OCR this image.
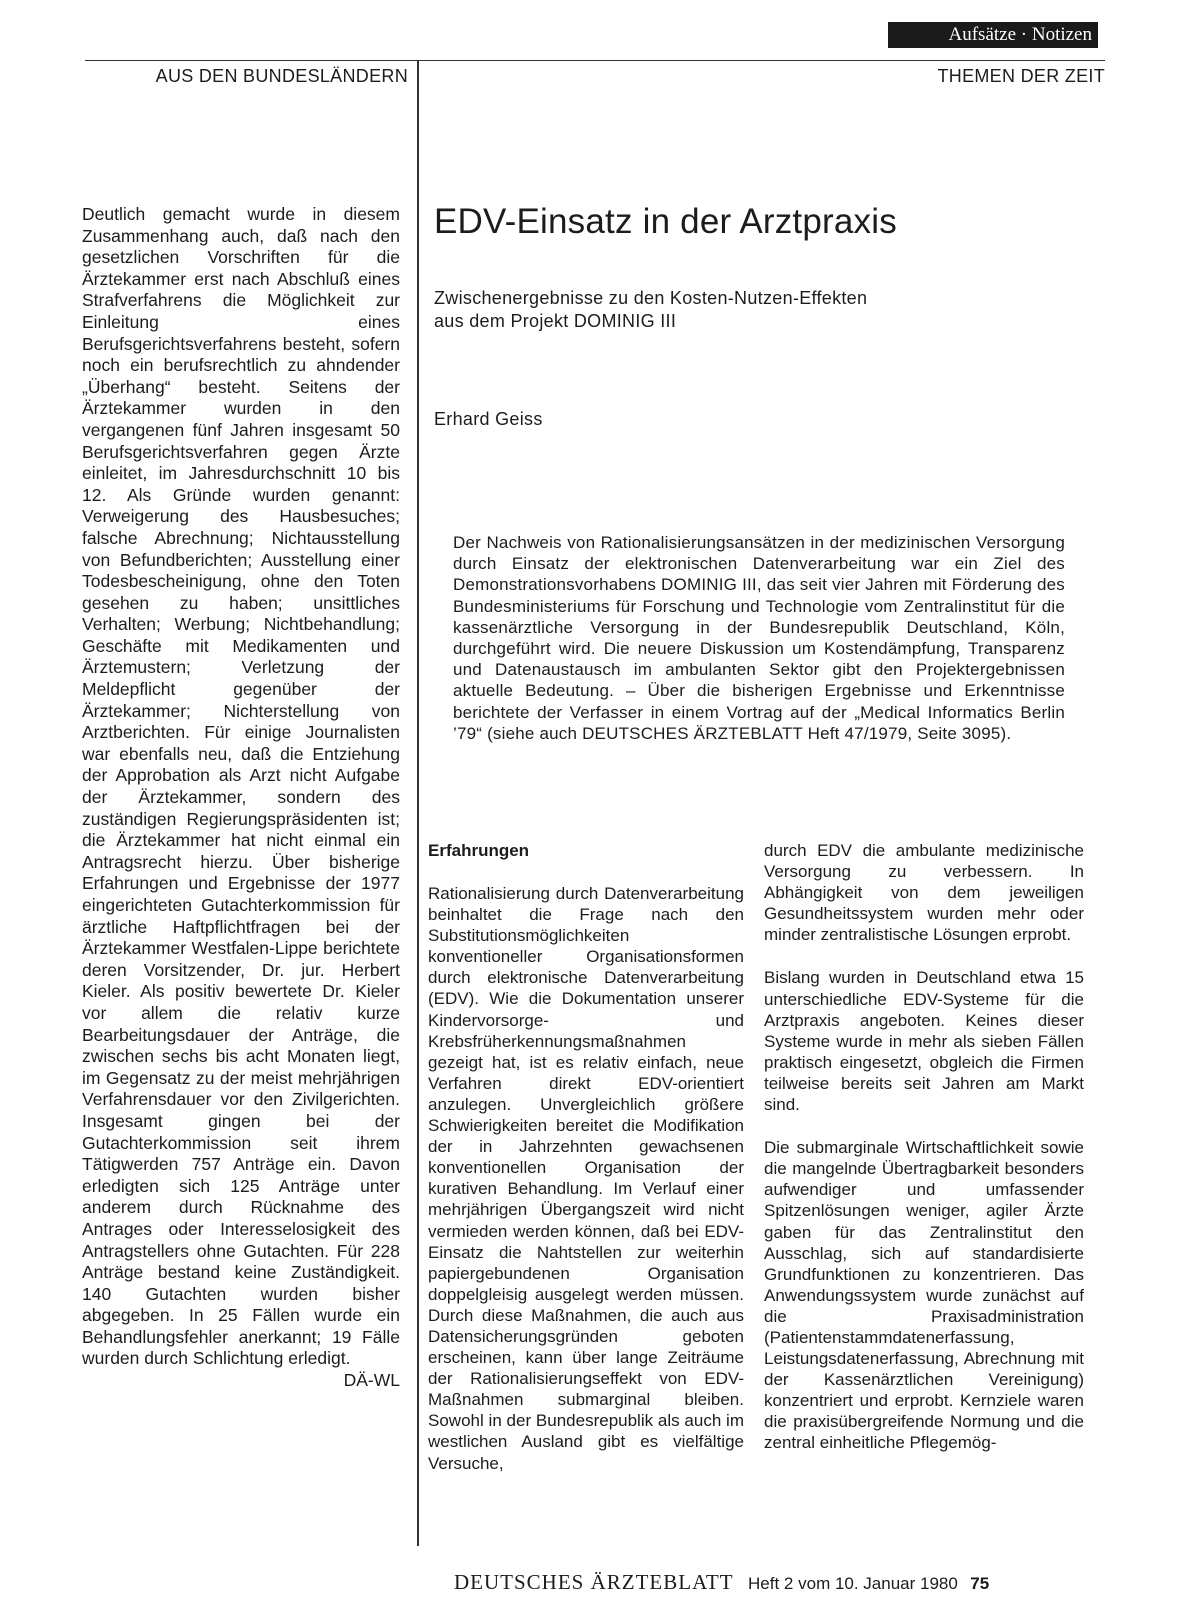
Aufsätze · Notizen
AUS DEN BUNDESLÄNDERN	THEMEN DER ZEIT

Deutlich gemacht wurde in diesem Zusammenhang auch, daß nach den gesetzlichen Vorschriften für die Ärztekammer erst nach Abschluß eines Strafverfahrens die Möglichkeit zur Einleitung eines Berufsgerichtsverfahrens besteht, sofern noch ein berufsrechtlich zu ahndender „Überhang“ besteht. Seitens der Ärztekammer wurden in den vergangenen fünf Jahren insgesamt 50 Berufsgerichtsverfahren gegen Ärzte einleitet, im Jahresdurchschnitt 10 bis 12. Als Gründe wurden genannt: Verweigerung des Hausbesuches; falsche Abrechnung; Nichtausstellung von Befundberichten; Ausstellung einer Todesbescheinigung, ohne den Toten gesehen zu haben; unsittliches Verhalten; Werbung; Nichtbehandlung; Geschäfte mit Medikamenten und Ärztemustern; Verletzung der Meldepflicht gegenüber der Ärztekammer; Nichterstellung von Arztberichten. Für einige Journalisten war ebenfalls neu, daß die Entziehung der Approbation als Arzt nicht Aufgabe der Ärztekammer, sondern des zuständigen Regierungspräsidenten ist; die Ärztekammer hat nicht einmal ein Antragsrecht hierzu. Über bisherige Erfahrungen und Ergebnisse der 1977 eingerichteten Gutachterkommission für ärztliche Haftpflichtfragen bei der Ärztekammer Westfalen-Lippe berichtete deren Vorsitzender, Dr. jur. Herbert Kieler. Als positiv bewertete Dr. Kieler vor allem die relativ kurze Bearbeitungsdauer der Anträge, die zwischen sechs bis acht Monaten liegt, im Gegensatz zu der meist mehrjährigen Verfahrensdauer vor den Zivilgerichten. Insgesamt gingen bei der Gutachterkommission seit ihrem Tätigwerden 757 Anträge ein. Davon erledigten sich 125 Anträge unter anderem durch Rücknahme des Antrages oder Interesselosigkeit des Antragstellers ohne Gutachten. Für 228 Anträge bestand keine Zuständigkeit. 140 Gutachten wurden bisher abgegeben. In 25 Fällen wurde ein Behandlungsfehler anerkannt; 19 Fälle wurden durch Schlichtung erledigt.
DÄ-WL

EDV-Einsatz in der Arztpraxis
Zwischenergebnisse zu den Kosten-Nutzen-Effekten
aus dem Projekt DOMINIG III
Erhard Geiss
Der Nachweis von Rationalisierungsansätzen in der medizinischen Versorgung durch Einsatz der elektronischen Datenverarbeitung war ein Ziel des Demonstrationsvorhabens DOMINIG III, das seit vier Jahren mit Förderung des Bundesministeriums für Forschung und Technologie vom Zentralinstitut für die kassenärztliche Versorgung in der Bundesrepublik Deutschland, Köln, durchgeführt wird. Die neuere Diskussion um Kostendämpfung, Transparenz und Datenaustausch im ambulanten Sektor gibt den Projektergebnissen aktuelle Bedeutung. – Über die bisherigen Ergebnisse und Erkenntnisse berichtete der Verfasser in einem Vortrag auf der „Medical Informatics Berlin ’79“ (siehe auch DEUTSCHES ÄRZTEBLATT Heft 47/1979, Seite 3095).
Erfahrungen

Rationalisierung durch Datenverarbeitung beinhaltet die Frage nach den Substitutionsmöglichkeiten konventioneller Organisationsformen durch elektronische Datenverarbeitung (EDV). Wie die Dokumentation unserer Kindervorsorge- und Krebsfrüherkennungsmaßnahmen gezeigt hat, ist es relativ einfach, neue Verfahren direkt EDV-orientiert anzulegen. Unvergleichlich größere Schwierigkeiten bereitet die Modifikation der in Jahrzehnten gewachsenen konventionellen Organisation der kurativen Behandlung. Im Verlauf einer mehrjährigen Übergangszeit wird nicht vermieden werden können, daß bei EDV-Einsatz die Nahtstellen zur weiterhin papiergebundenen Organisation doppelgleisig ausgelegt werden müssen. Durch diese Maßnahmen, die auch aus Datensicherungsgründen geboten erscheinen, kann über lange Zeiträume der Rationalisierungseffekt von EDV-Maßnahmen submarginal bleiben. Sowohl in der Bundesrepublik als auch im westlichen Ausland gibt es vielfältige Versuche,

durch EDV die ambulante medizinische Versorgung zu verbessern. In Abhängigkeit von dem jeweiligen Gesundheitssystem wurden mehr oder minder zentralistische Lösungen erprobt.

Bislang wurden in Deutschland etwa 15 unterschiedliche EDV-Systeme für die Arztpraxis angeboten. Keines dieser Systeme wurde in mehr als sieben Fällen praktisch eingesetzt, obgleich die Firmen teilweise bereits seit Jahren am Markt sind.

Die submarginale Wirtschaftlichkeit sowie die mangelnde Übertragbarkeit besonders aufwendiger und umfassender Spitzenlösungen weniger, agiler Ärzte gaben für das Zentralinstitut den Ausschlag, sich auf standardisierte Grundfunktionen zu konzentrieren. Das Anwendungssystem wurde zunächst auf die Praxisadministration (Patientenstammdatenerfassung, Leistungsdatenerfassung, Abrechnung mit der Kassenärztlichen Vereinigung) konzentriert und erprobt. Kernziele waren die praxisübergreifende Normung und die zentral einheitliche Pflegemög-

DEUTSCHES ÄRZTEBLATT Heft 2 vom 10. Januar 1980 75
